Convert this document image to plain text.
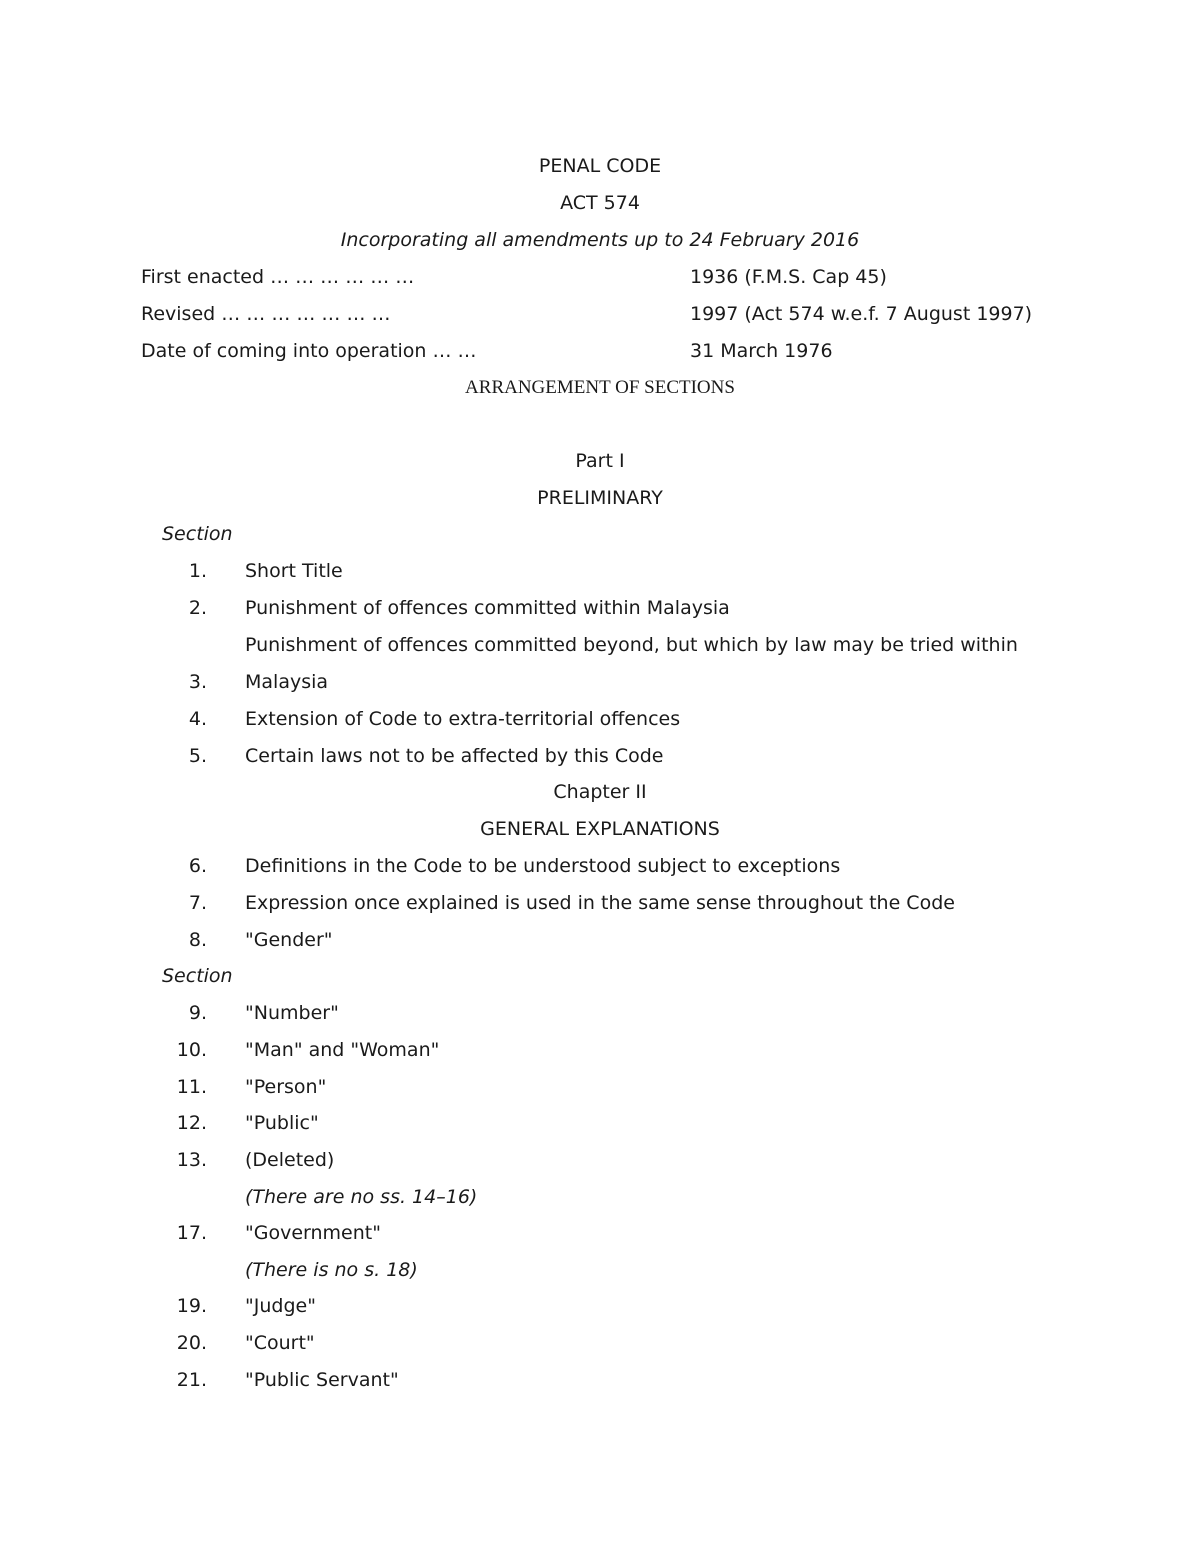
PENAL CODE
ACT 574
Incorporating all amendments up to 24 February 2016
First enacted … … … … … …	1936 (F.M.S. Cap 45)
Revised … … … … … … …	1997 (Act 574 w.e.f. 7 August 1997)
Date of coming into operation … …	31 March 1976
ARRANGEMENT OF SECTIONS
Part I
PRELIMINARY
Section
1. Short Title
2. Punishment of offences committed within Malaysia
Punishment of offences committed beyond, but which by law may be tried within
3. Malaysia
4. Extension of Code to extra-territorial offences
5. Certain laws not to be affected by this Code
Chapter II
GENERAL EXPLANATIONS
6. Definitions in the Code to be understood subject to exceptions
7. Expression once explained is used in the same sense throughout the Code
8. "Gender"
Section
9. "Number"
10. "Man" and "Woman"
11. "Person"
12. "Public"
13. (Deleted)
(There are no ss. 14–16)
17. "Government"
(There is no s. 18)
19. "Judge"
20. "Court"
21. "Public Servant"
